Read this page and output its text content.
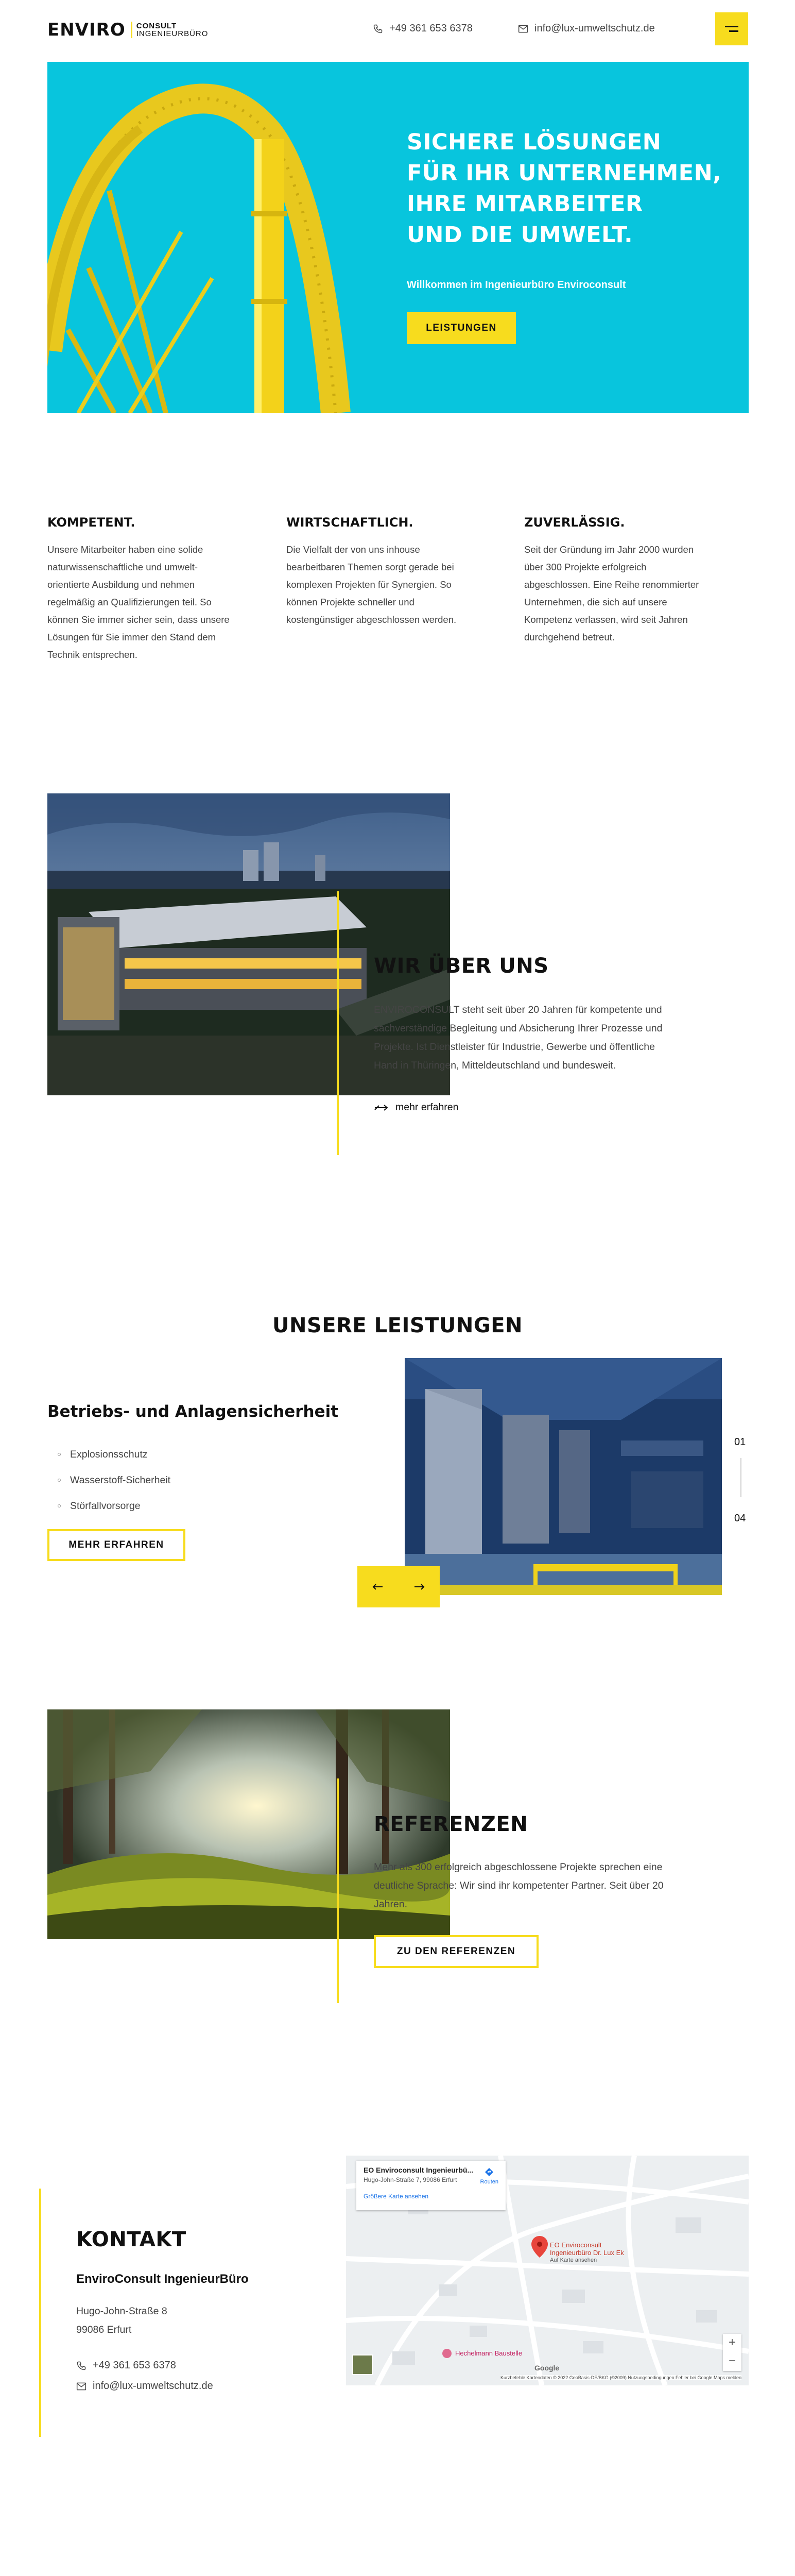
ENVIRO CONSULT
INGENIEURBÜRO	+49 361 653 6378	info@lux-umweltschutz.de
SICHERE LÖSUNGEN
FÜR IHR UNTERNEHMEN,
IHRE MITARBEITER
UND DIE UMWELT.
Willkommen im Ingenieurbüro Enviroconsult
LEISTUNGEN
KOMPETENT.
Unsere Mitarbeiter haben eine solide
naturwissenschaftliche und umwelt-
orientierte Ausbildung und nehmen
regelmäßig an Qualifizierungen teil. So
können Sie immer sicher sein, dass unsere
Lösungen für Sie immer den Stand dem
Technik entsprechen.
WIRTSCHAFTLICH.
Die Vielfalt der von uns inhouse
bearbeitbaren Themen sorgt gerade bei
komplexen Projekten für Synergien. So
können Projekte schneller und
kostengünstiger abgeschlossen werden.
ZUVERLÄSSIG.
Seit der Gründung im Jahr 2000 wurden
über 300 Projekte erfolgreich
abgeschlossen. Eine Reihe renommierter
Unternehmen, die sich auf unsere
Kompetenz verlassen, wird seit Jahren
durchgehend betreut.
WIR ÜBER UNS
ENVIROCONSULT steht seit über 20 Jahren für kompetente und
sachverständige Begleitung und Absicherung Ihrer Prozesse und
Projekte. Ist Dienstleister für Industrie, Gewerbe und öffentliche
Hand in Thüringen, Mitteldeutschland und bundesweit.
mehr erfahren
UNSERE LEISTUNGEN
Betriebs- und Anlagensicherheit
Explosionsschutz
Wasserstoff-Sicherheit
Störfallvorsorge
MEHR ERFAHREN
01
04
REFERENZEN
Mehr als 300 erfolgreich abgeschlossene Projekte sprechen eine
deutliche Sprache: Wir sind ihr kompetenter Partner. Seit über 20
Jahren.
ZU DEN REFERENZEN
KONTAKT
EnviroConsult IngenieurBüro
Hugo-John-Straße 8
99086 Erfurt
+49 361 653 6378
info@lux-umweltschutz.de
EO Enviroconsult
Ingenieurbüro Dr. Lux Ek
Auf Karte ansehen
Hechelmann Baustelle
EO Enviroconsult Ingenieurbü...
Hugo-John-Straße 7, 99086 Erfurt
Größere Karte ansehen
Routen
+
−
Google
Kurzbefehle Kartendaten © 2022 GeoBasis-DE/BKG (©2009) Nutzungsbedingungen Fehler bei Google Maps melden
